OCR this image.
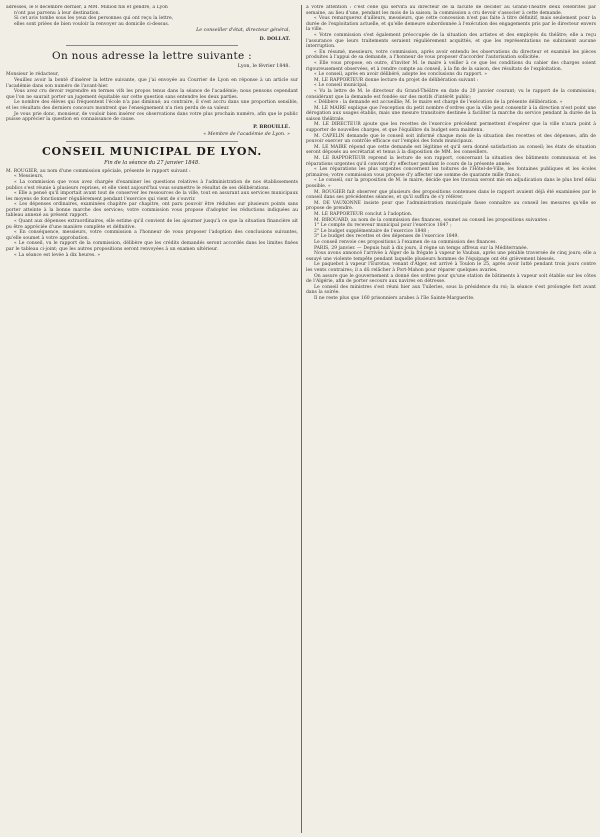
adressés, le 8 décembre dernier, à MM. Milliod fils et gendre, à Lyon

n'ont pas parvenu à leur destination.

Si cet avis tombe sous les yeux des personnes qui ont reçu la lettre,

elles sont priées de bien vouloir la renvoyer au domicile ci-dessus.

Le conseiller d'état, directeur général,
D. DOLLAT.
On nous adresse la lettre suivante :
Lyon, le février 1848.

Monsieur le rédacteur,

Veuillez avoir la bonté d'insérer la lettre suivante, que j'ai envoyée au Courrier de Lyon en réponse à un article sur l'académie dans son numéro de l'avant-hier.

Vous avez cru devoir reprendre en termes vifs les propos tenus dans la séance de l'académie; nous pensons cependant que l'on ne saurait porter un jugement équitable sur cette question sans entendre les deux parties.

Le nombre des élèves qui fréquentent l'école n'a pas diminué; au contraire, il s'est accru dans une proportion sensible, et les résultats des derniers concours montrent que l'enseignement n'a rien perdu de sa valeur.

Je vous prie donc, monsieur, de vouloir bien insérer ces observations dans votre plus prochain numéro, afin que le public puisse apprécier la question en connaissance de cause.

P. BROUILLÉ.
« Membre de l'académie de Lyon. »
CONSEIL MUNICIPAL DE LYON.
Fin de la séance du 27 janvier 1848.

M. ROUGIER, au nom d'une commission spéciale, présente le rapport suivant :

« Messieurs,

« La commission que vous avez chargée d'examiner les questions relatives à l'administration de nos établissements publics s'est réunie à plusieurs reprises, et elle vient aujourd'hui vous soumettre le résultat de ses délibérations.

« Elle a pensé qu'il importait avant tout de conserver les ressources de la ville, tout en assurant aux services municipaux les moyens de fonctionner régulièrement pendant l'exercice qui vient de s'ouvrir.

« Les dépenses ordinaires, examinées chapitre par chapitre, ont paru pouvoir être réduites sur plusieurs points sans porter atteinte à la bonne marche des services; votre commission vous propose d'adopter les réductions indiquées au tableau annexé au présent rapport.

« Quant aux dépenses extraordinaires, elle estime qu'il convient de les ajourner jusqu'à ce que la situation financière ait pu être appréciée d'une manière complète et définitive.

« En conséquence, messieurs, votre commission a l'honneur de vous proposer l'adoption des conclusions suivantes, qu'elle soumet à votre approbation.

« Le conseil, vu le rapport de la commission, délibère que les crédits demandés seront accordés dans les limites fixées par le tableau ci-joint; que les autres propositions seront renvoyées à un examen ultérieur.

« La séance est levée à dix heures. »

à votre attention : c'est celle qui servira au directeur de la faculté de décider au Grand-Théâtre deux célébrités par semaine, au lieu d'une, pendant les mois de la saison; la commission a cru devoir s'associer à cette demande.

« Vous remarquerez d'ailleurs, messieurs, que cette concession n'est pas faite à titre définitif, mais seulement pour la durée de l'exploitation actuelle, et qu'elle demeure subordonnée à l'exécution des engagements pris par le directeur envers la ville.

« Votre commission s'est également préoccupée de la situation des artistes et des employés du théâtre; elle a reçu l'assurance que leurs traitements seraient régulièrement acquittés, et que les représentations ne subiraient aucune interruption.

« En résumé, messieurs, votre commission, après avoir entendu les observations du directeur et examiné les pièces produites à l'appui de sa demande, a l'honneur de vous proposer d'accorder l'autorisation sollicitée.

« Elle vous propose, en outre, d'inviter M. le maire à veiller à ce que les conditions du cahier des charges soient rigoureusement observées, et à rendre compte au conseil, à la fin de la saison, des résultats de l'exploitation.

« Le conseil, après en avoir délibéré, adopte les conclusions du rapport. »

M. LE RAPPORTEUR donne lecture du projet de délibération suivant :

« Le conseil municipal,

« Vu la lettre de M. le directeur du Grand-Théâtre en date du 20 janvier courant; vu le rapport de la commission; considérant que la demande est fondée sur des motifs d'intérêt public;

« Délibère : la demande est accueillie; M. le maire est chargé de l'exécution de la présente délibération. »

M. LE MAIRE explique que l'exception du petit nombre d'ordres que la ville peut consentir à la direction n'est point une dérogation aux usages établis, mais une mesure transitoire destinée à faciliter la marche du service pendant la durée de la saison théâtrale.

M. LE DIRECTEUR ajoute que les recettes de l'exercice précédent permettent d'espérer que la ville n'aura point à supporter de nouvelles charges, et que l'équilibre du budget sera maintenu.

M. CAPELIN demande que le conseil soit informé chaque mois de la situation des recettes et des dépenses, afin de pouvoir exercer un contrôle efficace sur l'emploi des fonds municipaux.

M. LE MAIRE répond que cette demande est légitime et qu'il sera donné satisfaction au conseil; les états de situation seront déposés au secrétariat et tenus à la disposition de MM. les conseillers.

M. LE RAPPORTEUR reprend la lecture de son rapport, concernant la situation des bâtiments communaux et les réparations urgentes qu'il convient d'y effectuer pendant le cours de la présente année.

« Les réparations les plus urgentes concernent les toitures de l'Hôtel-de-Ville, les fontaines publiques et les écoles primaires; votre commission vous propose d'y affecter une somme de quarante mille francs.

« Le conseil, sur la proposition de M. le maire, décide que les travaux seront mis en adjudication dans le plus bref délai possible. »

M. ROUGIER fait observer que plusieurs des propositions contenues dans le rapport avaient déjà été examinées par le conseil dans ses précédentes séances, et qu'il suffira de s'y référer.

M. DE VAUXONNE insiste pour que l'administration municipale fasse connaître au conseil les mesures qu'elle se propose de prendre.

M. LE RAPPORTEUR conclut à l'adoption.

M. BIROUARD, au nom de la commission des finances, soumet au conseil les propositions suivantes :

1° Le compte du receveur municipal pour l'exercice 1847 ;

2° Le budget supplémentaire de l'exercice 1848 ;

3° Le budget des recettes et des dépenses de l'exercice 1849.

Le conseil renvoie ces propositions à l'examen de sa commission des finances.

PARIS, 29 janvier. — Depuis huit à dix jours, il règne un temps affreux sur la Méditerranée.

Nous avons annoncé l'arrivée à Alger de la frégate à vapeur le Vauban, après une pénible traversée de cinq jours; elle a essuyé une violente tempête pendant laquelle plusieurs hommes de l'équipage ont été grièvement blessés.

Le paquebot à vapeur l'Eurotas, venant d'Alger, est arrivé à Toulon le 25, après avoir lutté pendant trois jours contre les vents contraires; il a dû relâcher à Port-Mahon pour réparer quelques avaries.

On assure que le gouvernement a donné des ordres pour qu'une station de bâtiments à vapeur soit établie sur les côtes de l'Algérie, afin de porter secours aux navires en détresse.

Le conseil des ministres s'est réuni hier aux Tuileries, sous la présidence du roi; la séance s'est prolongée fort avant dans la soirée.

Il ne reste plus que 160 prisonniers arabes à l'île Sainte-Marguerite.
